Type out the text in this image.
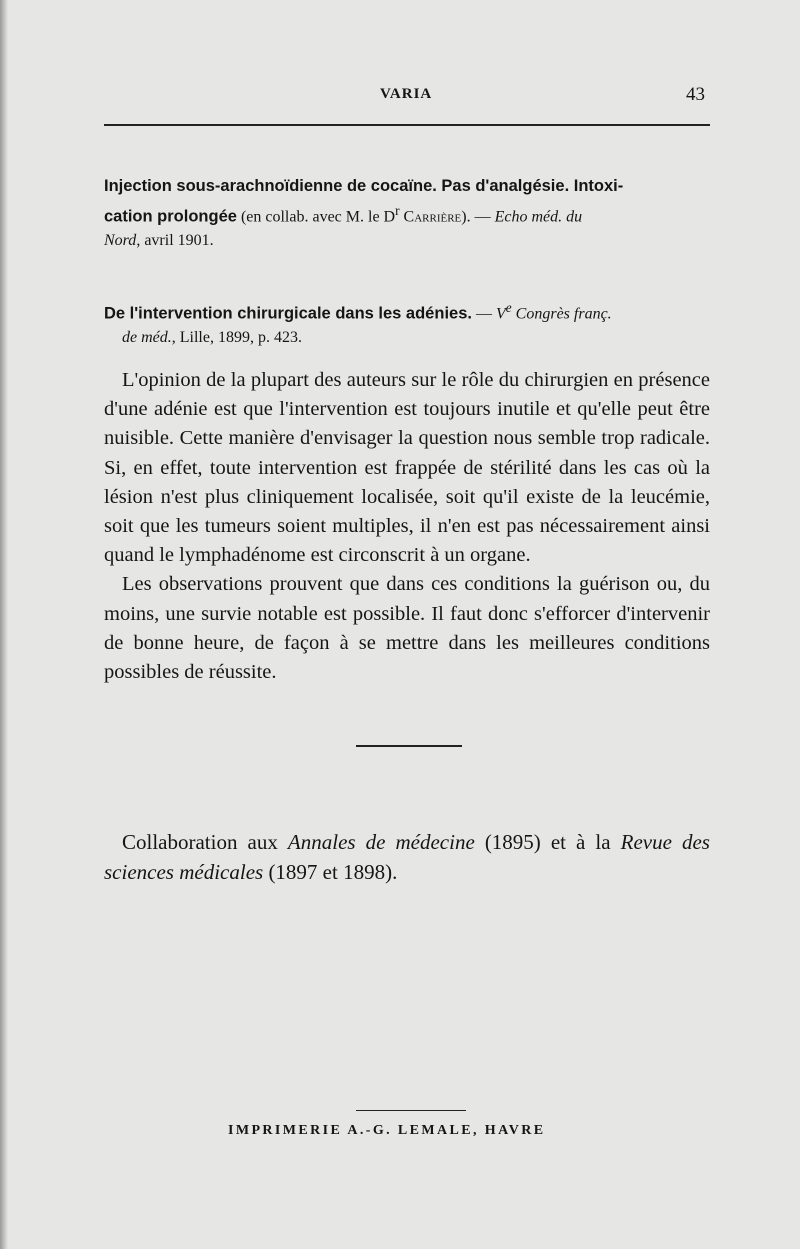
VARIA	43
Injection sous-arachnoïdienne de cocaïne. Pas d'analgésie. Intoxi-
cation prolongée (en collab. avec M. le $D^r$ Carrière). — Echo méd. du
Nord, avril 1901.
De l'intervention chirurgicale dans les adénies. — Ve Congrès franç.
de méd., Lille, 1899, p. 423.

L'opinion de la plupart des auteurs sur le rôle du chirurgien en présence d'une adénie est que l'intervention est toujours inutile et qu'elle peut être nuisible. Cette manière d'envisager la question nous semble trop radicale. Si, en effet, toute intervention est frappée de stérilité dans les cas où la lésion n'est plus cliniquement localisée, soit qu'il existe de la leucémie, soit que les tumeurs soient multiples, il n'en est pas nécessairement ainsi quand le lymphadénome est circonscrit à un organe.

Les observations prouvent que dans ces conditions la guérison ou, du moins, une survie notable est possible. Il faut donc s'efforcer d'intervenir de bonne heure, de façon à se mettre dans les meilleures conditions possibles de réussite.

Collaboration aux Annales de médecine (1895) et à la Revue des sciences médicales (1897 et 1898).

IMPRIMERIE A.-G. LEMALE, HAVRE
